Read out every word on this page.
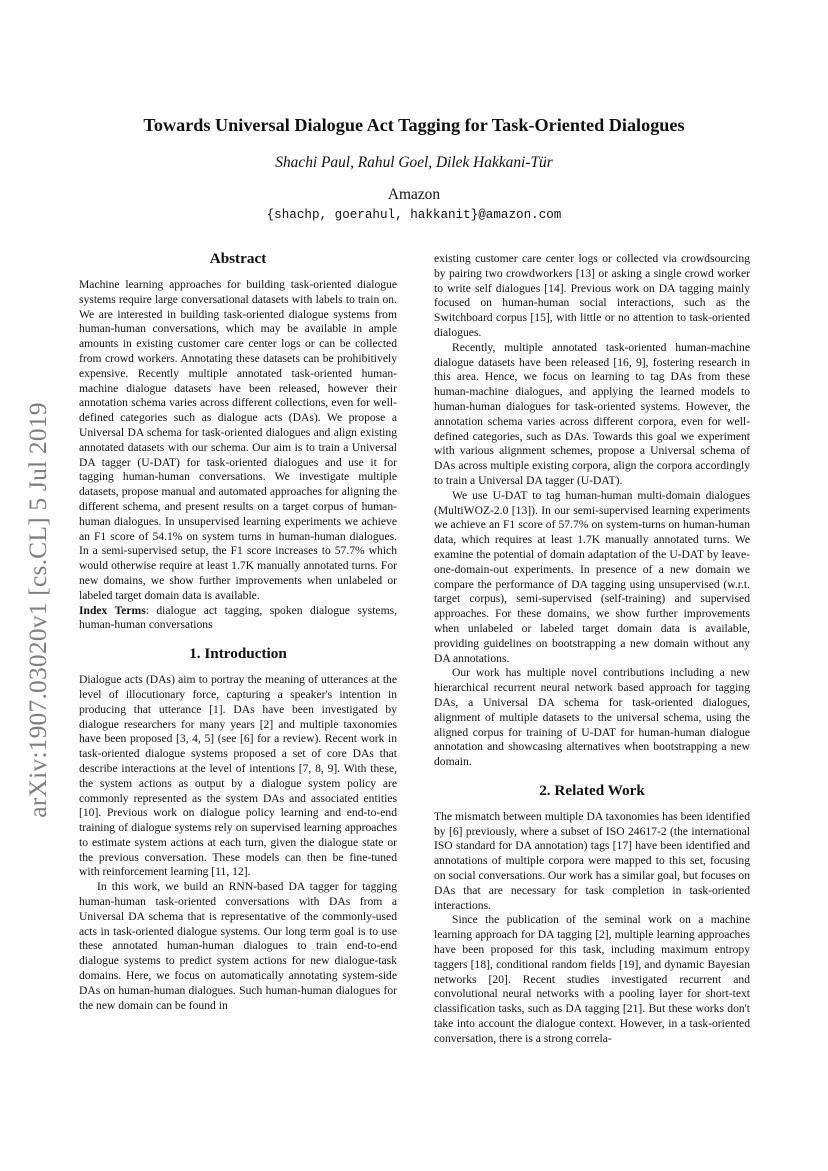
arXiv:1907.03020v1 [cs.CL] 5 Jul 2019
Towards Universal Dialogue Act Tagging for Task-Oriented Dialogues
Shachi Paul, Rahul Goel, Dilek Hakkani-Tür
Amazon
{shachp, goerahul, hakkanit}@amazon.com
Abstract

Machine learning approaches for building task-oriented dialogue systems require large conversational datasets with labels to train on. We are interested in building task-oriented dialogue systems from human-human conversations, which may be available in ample amounts in existing customer care center logs or can be collected from crowd workers. Annotating these datasets can be prohibitively expensive. Recently multiple annotated task-oriented human-machine dialogue datasets have been released, however their annotation schema varies across different collections, even for well-defined categories such as dialogue acts (DAs). We propose a Universal DA schema for task-oriented dialogues and align existing annotated datasets with our schema. Our aim is to train a Universal DA tagger (U-DAT) for task-oriented dialogues and use it for tagging human-human conversations. We investigate multiple datasets, propose manual and automated approaches for aligning the different schema, and present results on a target corpus of human-human dialogues. In unsupervised learning experiments we achieve an F1 score of 54.1% on system turns in human-human dialogues. In a semi-supervised setup, the F1 score increases to 57.7% which would otherwise require at least 1.7K manually annotated turns. For new domains, we show further improvements when unlabeled or labeled target domain data is available.

Index Terms: dialogue act tagging, spoken dialogue systems, human-human conversations

1. Introduction

Dialogue acts (DAs) aim to portray the meaning of utterances at the level of illocutionary force, capturing a speaker's intention in producing that utterance [1]. DAs have been investigated by dialogue researchers for many years [2] and multiple taxonomies have been proposed [3, 4, 5] (see [6] for a review). Recent work in task-oriented dialogue systems proposed a set of core DAs that describe interactions at the level of intentions [7, 8, 9]. With these, the system actions as output by a dialogue system policy are commonly represented as the system DAs and associated entities [10]. Previous work on dialogue policy learning and end-to-end training of dialogue systems rely on supervised learning approaches to estimate system actions at each turn, given the dialogue state or the previous conversation. These models can then be fine-tuned with reinforcement learning [11, 12].

In this work, we build an RNN-based DA tagger for tagging human-human task-oriented conversations with DAs from a Universal DA schema that is representative of the commonly-used acts in task-oriented dialogue systems. Our long term goal is to use these annotated human-human dialogues to train end-to-end dialogue systems to predict system actions for new dialogue-task domains. Here, we focus on automatically annotating system-side DAs on human-human dialogues. Such human-human dialogues for the new domain can be found in

existing customer care center logs or collected via crowdsourcing by pairing two crowdworkers [13] or asking a single crowd worker to write self dialogues [14]. Previous work on DA tagging mainly focused on human-human social interactions, such as the Switchboard corpus [15], with little or no attention to task-oriented dialogues.

Recently, multiple annotated task-oriented human-machine dialogue datasets have been released [16, 9], fostering research in this area. Hence, we focus on learning to tag DAs from these human-machine dialogues, and applying the learned models to human-human dialogues for task-oriented systems. However, the annotation schema varies across different corpora, even for well-defined categories, such as DAs. Towards this goal we experiment with various alignment schemes, propose a Universal schema of DAs across multiple existing corpora, align the corpora accordingly to train a Universal DA tagger (U-DAT).

We use U-DAT to tag human-human multi-domain dialogues (MultiWOZ-2.0 [13]). In our semi-supervised learning experiments we achieve an F1 score of 57.7% on system-turns on human-human data, which requires at least 1.7K manually annotated turns. We examine the potential of domain adaptation of the U-DAT by leave-one-domain-out experiments. In presence of a new domain we compare the performance of DA tagging using unsupervised (w.r.t. target corpus), semi-supervised (self-training) and supervised approaches. For these domains, we show further improvements when unlabeled or labeled target domain data is available, providing guidelines on bootstrapping a new domain without any DA annotations.

Our work has multiple novel contributions including a new hierarchical recurrent neural network based approach for tagging DAs, a Universal DA schema for task-oriented dialogues, alignment of multiple datasets to the universal schema, using the aligned corpus for training of U-DAT for human-human dialogue annotation and showcasing alternatives when bootstrapping a new domain.

2. Related Work

The mismatch between multiple DA taxonomies has been identified by [6] previously, where a subset of ISO 24617-2 (the international ISO standard for DA annotation) tags [17] have been identified and annotations of multiple corpora were mapped to this set, focusing on social conversations. Our work has a similar goal, but focuses on DAs that are necessary for task completion in task-oriented interactions.

Since the publication of the seminal work on a machine learning approach for DA tagging [2], multiple learning approaches have been proposed for this task, including maximum entropy taggers [18], conditional random fields [19], and dynamic Bayesian networks [20]. Recent studies investigated recurrent and convolutional neural networks with a pooling layer for short-text classification tasks, such as DA tagging [21]. But these works don't take into account the dialogue context. However, in a task-oriented conversation, there is a strong correla-
